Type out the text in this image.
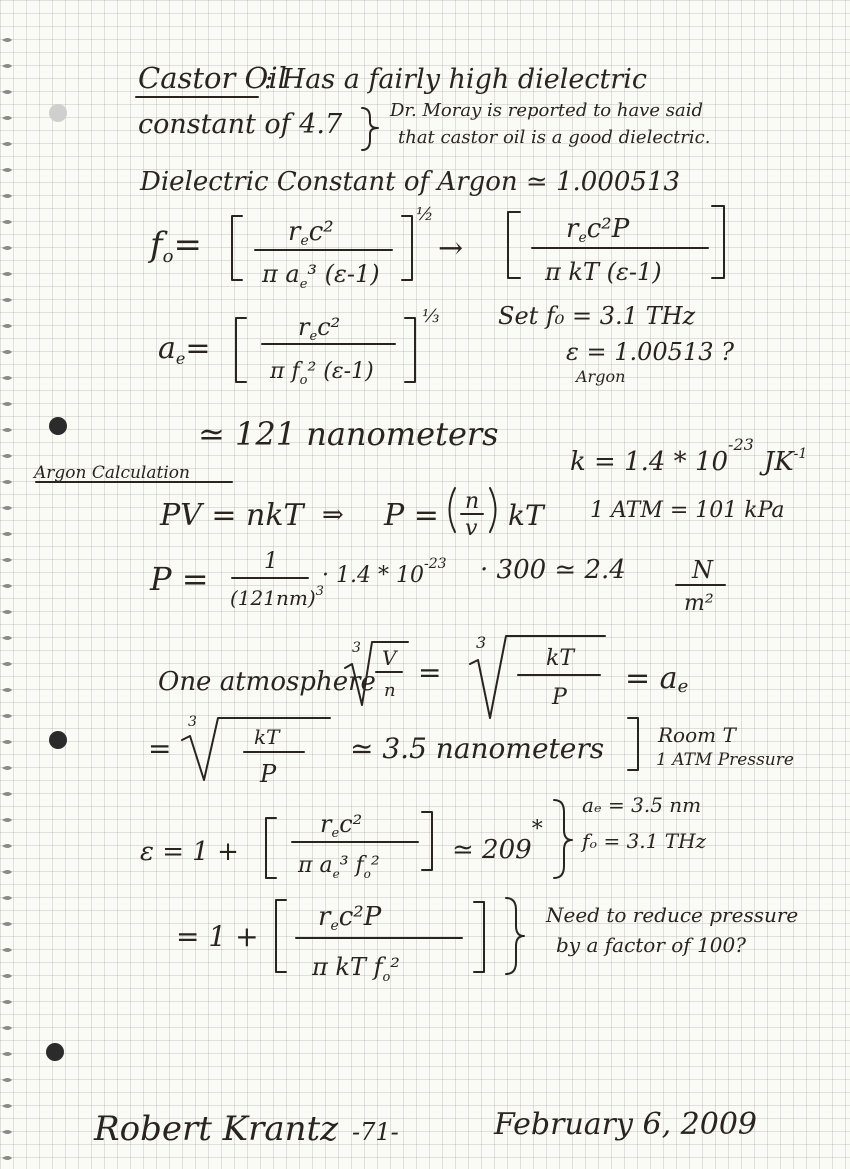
Castor Oil
: Has a fairly high dielectric
constant of 4.7	Dr. Moray is reported to have said
that castor oil is a good dielectric.
Dielectric Constant of Argon ≃ 1.000513
fo=	rec²
π $a_e^3$ (ε-1)
½
→
rec²P
π kT (ε-1)
$a_e=$
$r_ec^2$
π $f_o^2$ (ε-1)
⅓ Set f₀ = 3.1 THz
ε = 1.00513 ?
Argon
≃ 121 nanometers
$k = 1.4 * 10^{-23}JK^{-1}$
Argon Calculation
PV = nkT ⇒ P = n
v kT 1 ATM = 101 kPa
P =	1
$(121nm)^3$
· $1.4 * 10^{-23} \cdot 300$ ≃ 2.4	N
m²
One atmosphere
3 V
n
=
3
kT
P
= ae
=
3
kT
P
≃ 3.5 nanometers	Room T
1 ATM Pressure
ε = 1 +
$r_ec^2$
π $a_e^3$ $f_o^2$
≃ 209*
aₑ = 3.5 nm
fₒ = 3.1 THz
= 1 +
rec²P
π kT $f_o^2$
Need to reduce pressure
by a factor of 100?
Robert Krantz -71-	February 6, 2009
